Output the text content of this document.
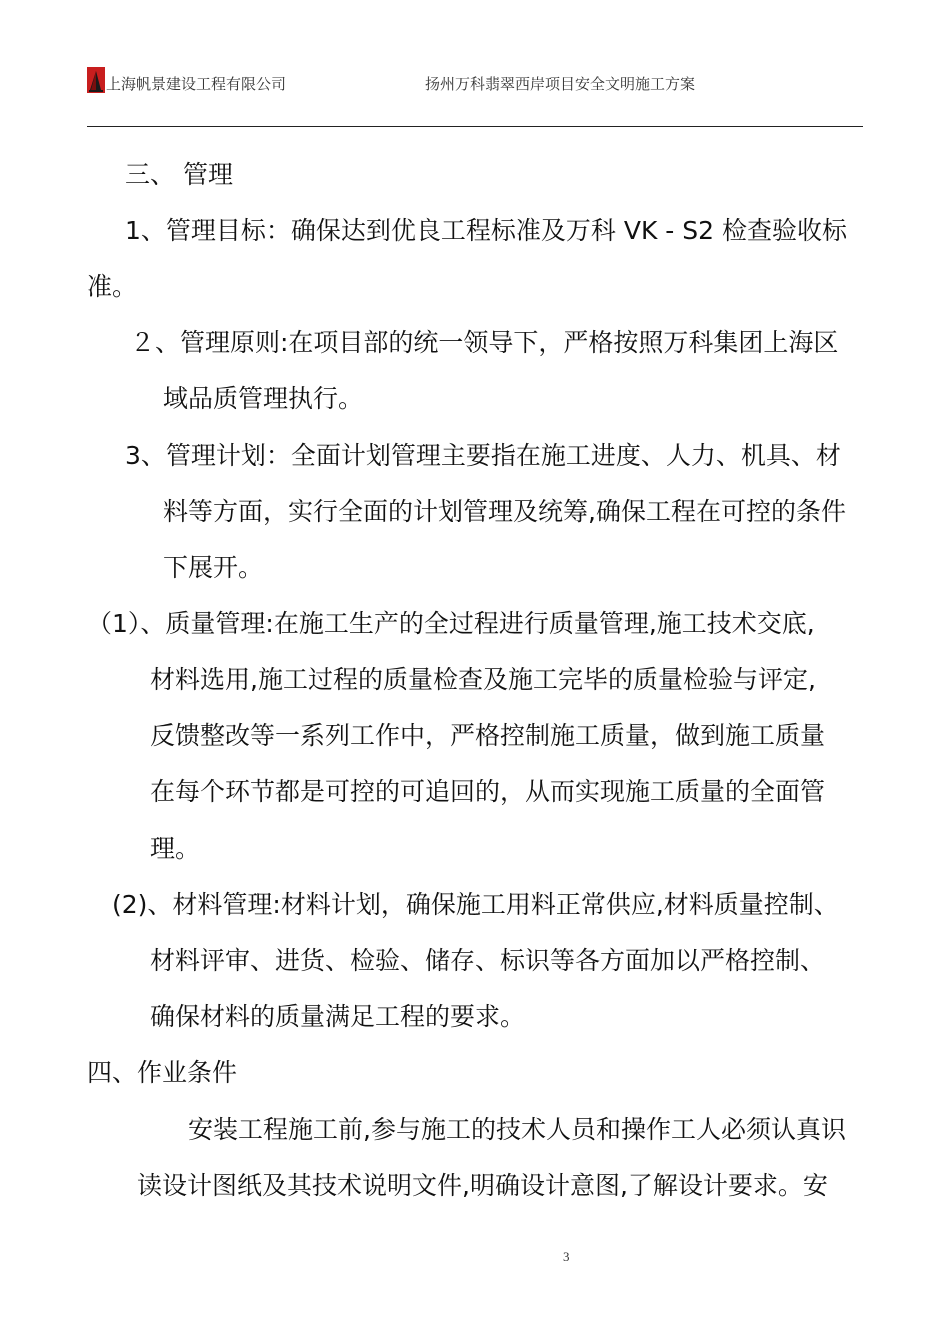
上海帆景建设工程有限公司	扬州万科翡翠西岸项目安全文明施工方案
三、 管理
1、管理目标：确保达到优良工程标准及万科 VK - S2 检查验收标
准。
２、管理原则:在项目部的统一领导下，严格按照万科集团上海区
域品质管理执行。
3、管理计划：全面计划管理主要指在施工进度、人力、机具、材
料等方面，实行全面的计划管理及统筹,确保工程在可控的条件
下展开。
（1）、质量管理:在施工生产的全过程进行质量管理,施工技术交底,
材料选用,施工过程的质量检查及施工完毕的质量检验与评定,
反馈整改等一系列工作中，严格控制施工质量，做到施工质量
在每个环节都是可控的可追回的，从而实现施工质量的全面管
理。
(2)、材料管理:材料计划，确保施工用料正常供应,材料质量控制、
材料评审、进货、检验、储存、标识等各方面加以严格控制、
确保材料的质量满足工程的要求。
四、作业条件
安装工程施工前,参与施工的技术人员和操作工人必须认真识
读设计图纸及其技术说明文件,明确设计意图,了解设计要求。安
3
